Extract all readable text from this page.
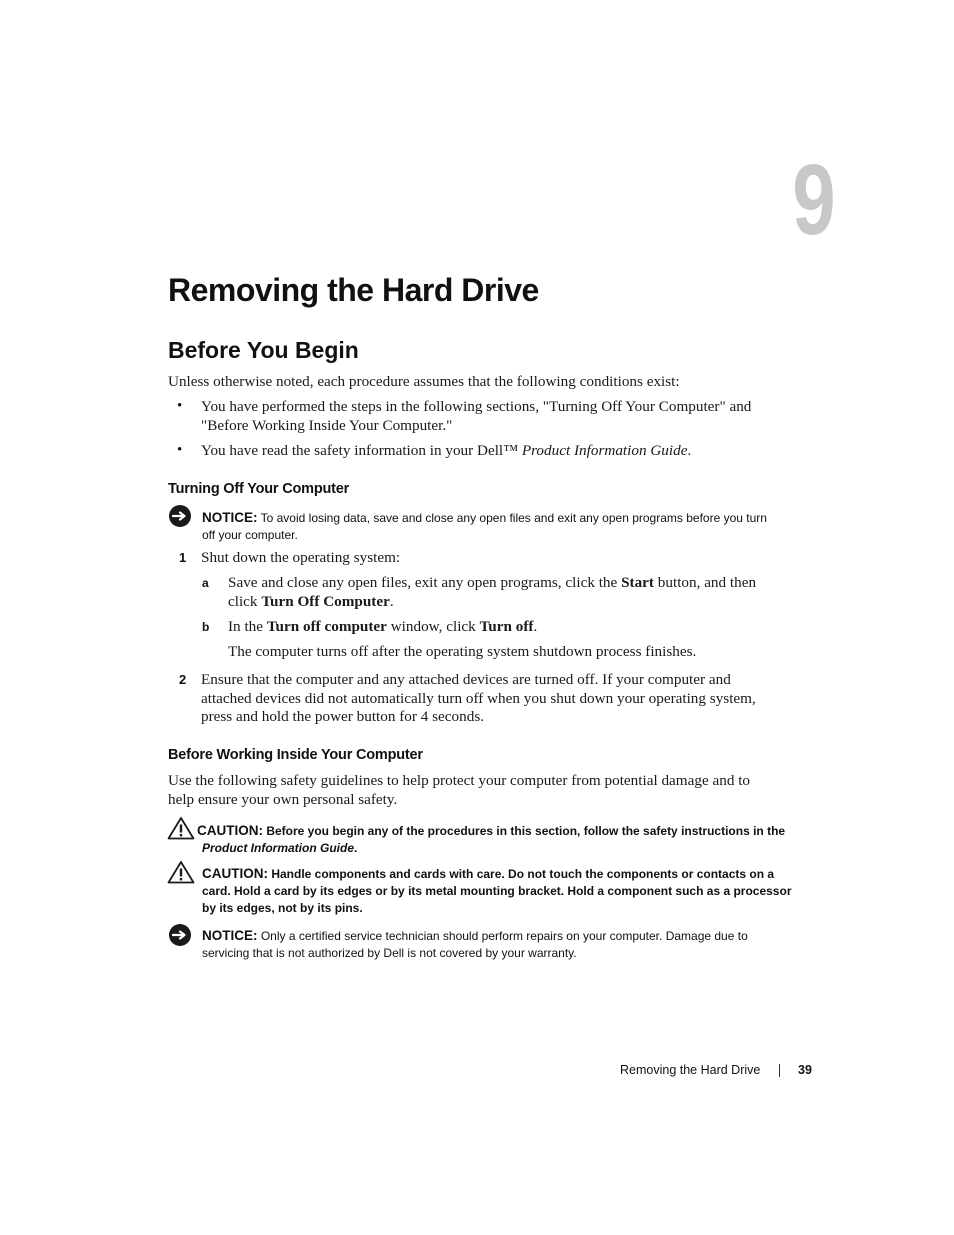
9
Removing the Hard Drive
Before You Begin
Unless otherwise noted, each procedure assumes that the following conditions exist:
• You have performed the steps in the following sections, "Turning Off Your Computer" and
"Before Working Inside Your Computer."
• You have read the safety information in your Dell™ Product Information Guide.
Turning Off Your Computer
NOTICE: To avoid losing data, save and close any open files and exit any open programs before you turn
off your computer.
1 Shut down the operating system:
a Save and close any open files, exit any open programs, click the Start button, and then
click Turn Off Computer.
b In the Turn off computer window, click Turn off.
The computer turns off after the operating system shutdown process finishes.
2 Ensure that the computer and any attached devices are turned off. If your computer and
attached devices did not automatically turn off when you shut down your operating system,
press and hold the power button for 4 seconds.
Before Working Inside Your Computer
Use the following safety guidelines to help protect your computer from potential damage and to
help ensure your own personal safety.
CAUTION: Before you begin any of the procedures in this section, follow the safety instructions in the
Product Information Guide.
CAUTION: Handle components and cards with care. Do not touch the components or contacts on a
card. Hold a card by its edges or by its metal mounting bracket. Hold a component such as a processor
by its edges, not by its pins.
NOTICE: Only a certified service technician should perform repairs on your computer. Damage due to
servicing that is not authorized by Dell is not covered by your warranty.
Removing the Hard Drive	39
